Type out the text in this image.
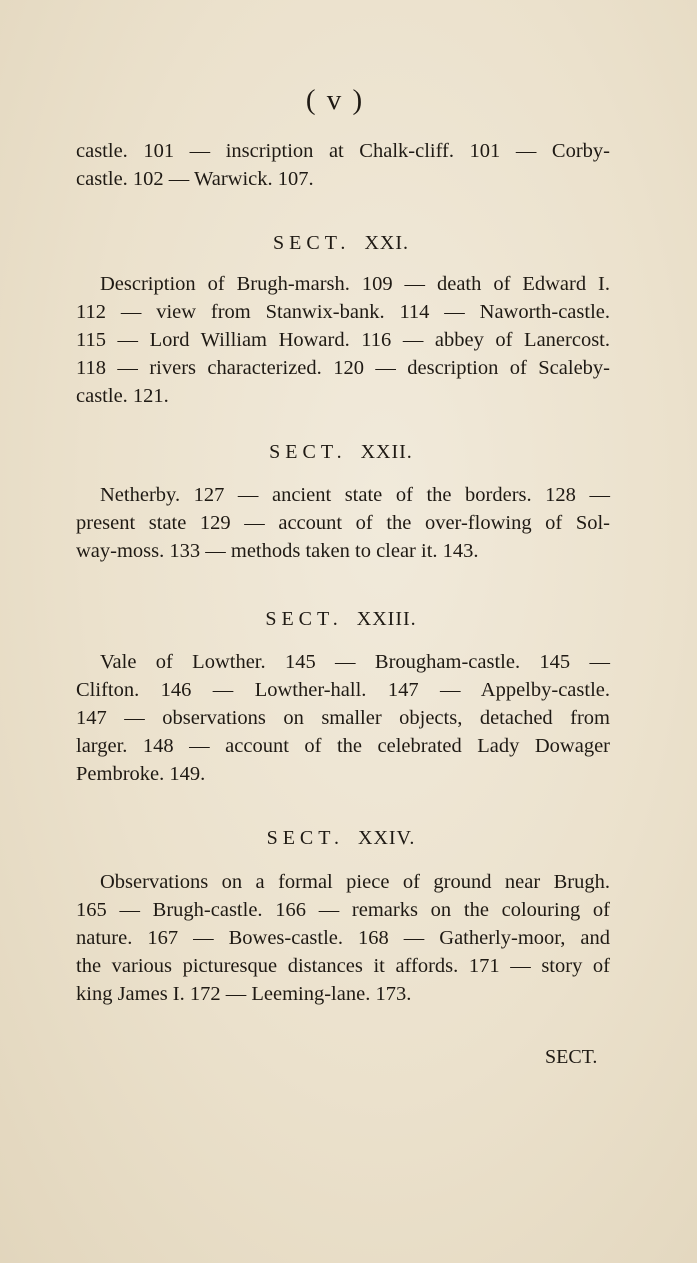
( v )
castle. 101 — inscription at Chalk-cliff. 101 — Corby-
castle. 102 — Warwick. 107.
SECT. XXI.
Description of Brugh-marsh. 109 — death of Edward I.
112 — view from Stanwix-bank. 114 — Naworth-castle.
115 — Lord William Howard. 116 — abbey of Lanercost.
118 — rivers characterized. 120 — description of Scaleby-
castle. 121.
SECT. XXII.
Netherby. 127 — ancient state of the borders. 128 —
present state 129 — account of the over-flowing of Sol-
way-moss. 133 — methods taken to clear it. 143.
SECT. XXIII.
Vale of Lowther. 145 — Brougham-castle. 145 —
Clifton. 146 — Lowther-hall. 147 — Appelby-castle.
147 — observations on smaller objects, detached from
larger. 148 — account of the celebrated Lady Dowager
Pembroke. 149.
SECT. XXIV.
Observations on a formal piece of ground near Brugh.
165 — Brugh-castle. 166 — remarks on the colouring of
nature. 167 — Bowes-castle. 168 — Gatherly-moor, and
the various picturesque distances it affords. 171 — story of
king James I. 172 — Leeming-lane. 173.
SECT.
